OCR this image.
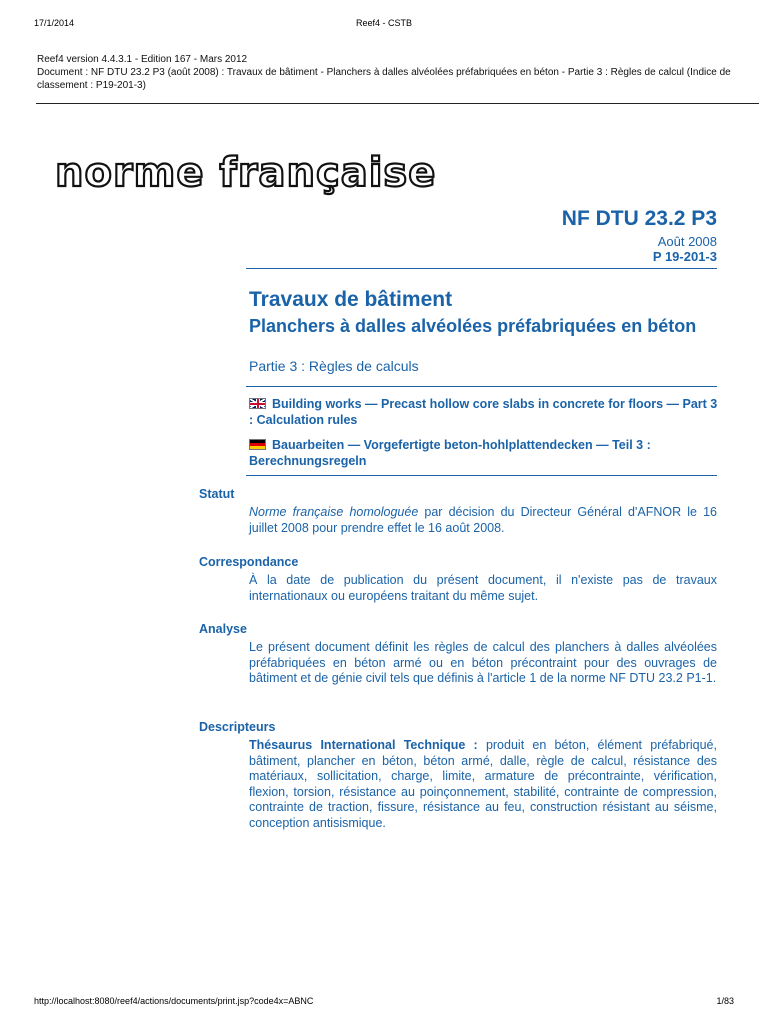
17/1/2014	Reef4 - CSTB
Reef4 version 4.4.3.1 - Edition 167 - Mars 2012
Document : NF DTU 23.2 P3 (août 2008) : Travaux de bâtiment - Planchers à dalles alvéolées préfabriquées en béton - Partie 3 : Règles de calcul (Indice de classement : P19-201-3)
norme française
NF DTU 23.2 P3
Août 2008
P 19-201-3
Travaux de bâtiment
Planchers à dalles alvéolées préfabriquées en béton
Partie 3 : Règles de calculs
Building works — Precast hollow core slabs in concrete for floors — Part 3 : Calculation rules
Bauarbeiten — Vorgefertigte beton-hohlplattendecken — Teil 3 : Berechnungsregeln
Statut
Norme française homologuée par décision du Directeur Général d'AFNOR le 16 juillet 2008 pour prendre effet le 16 août 2008.
Correspondance
À la date de publication du présent document, il n'existe pas de travaux internationaux ou européens traitant du même sujet.
Analyse
Le présent document définit les règles de calcul des planchers à dalles alvéolées préfabriquées en béton armé ou en béton précontraint pour des ouvrages de bâtiment et de génie civil tels que définis à l'article 1 de la norme NF DTU 23.2 P1-1.
Descripteurs
Thésaurus International Technique : produit en béton, élément préfabriqué, bâtiment, plancher en béton, béton armé, dalle, règle de calcul, résistance des matériaux, sollicitation, charge, limite, armature de précontrainte, vérification, flexion, torsion, résistance au poinçonnement, stabilité, contrainte de compression, contrainte de traction, fissure, résistance au feu, construction résistant au séisme, conception antisismique.
http://localhost:8080/reef4/actions/documents/print.jsp?code4x=ABNC	1/83
